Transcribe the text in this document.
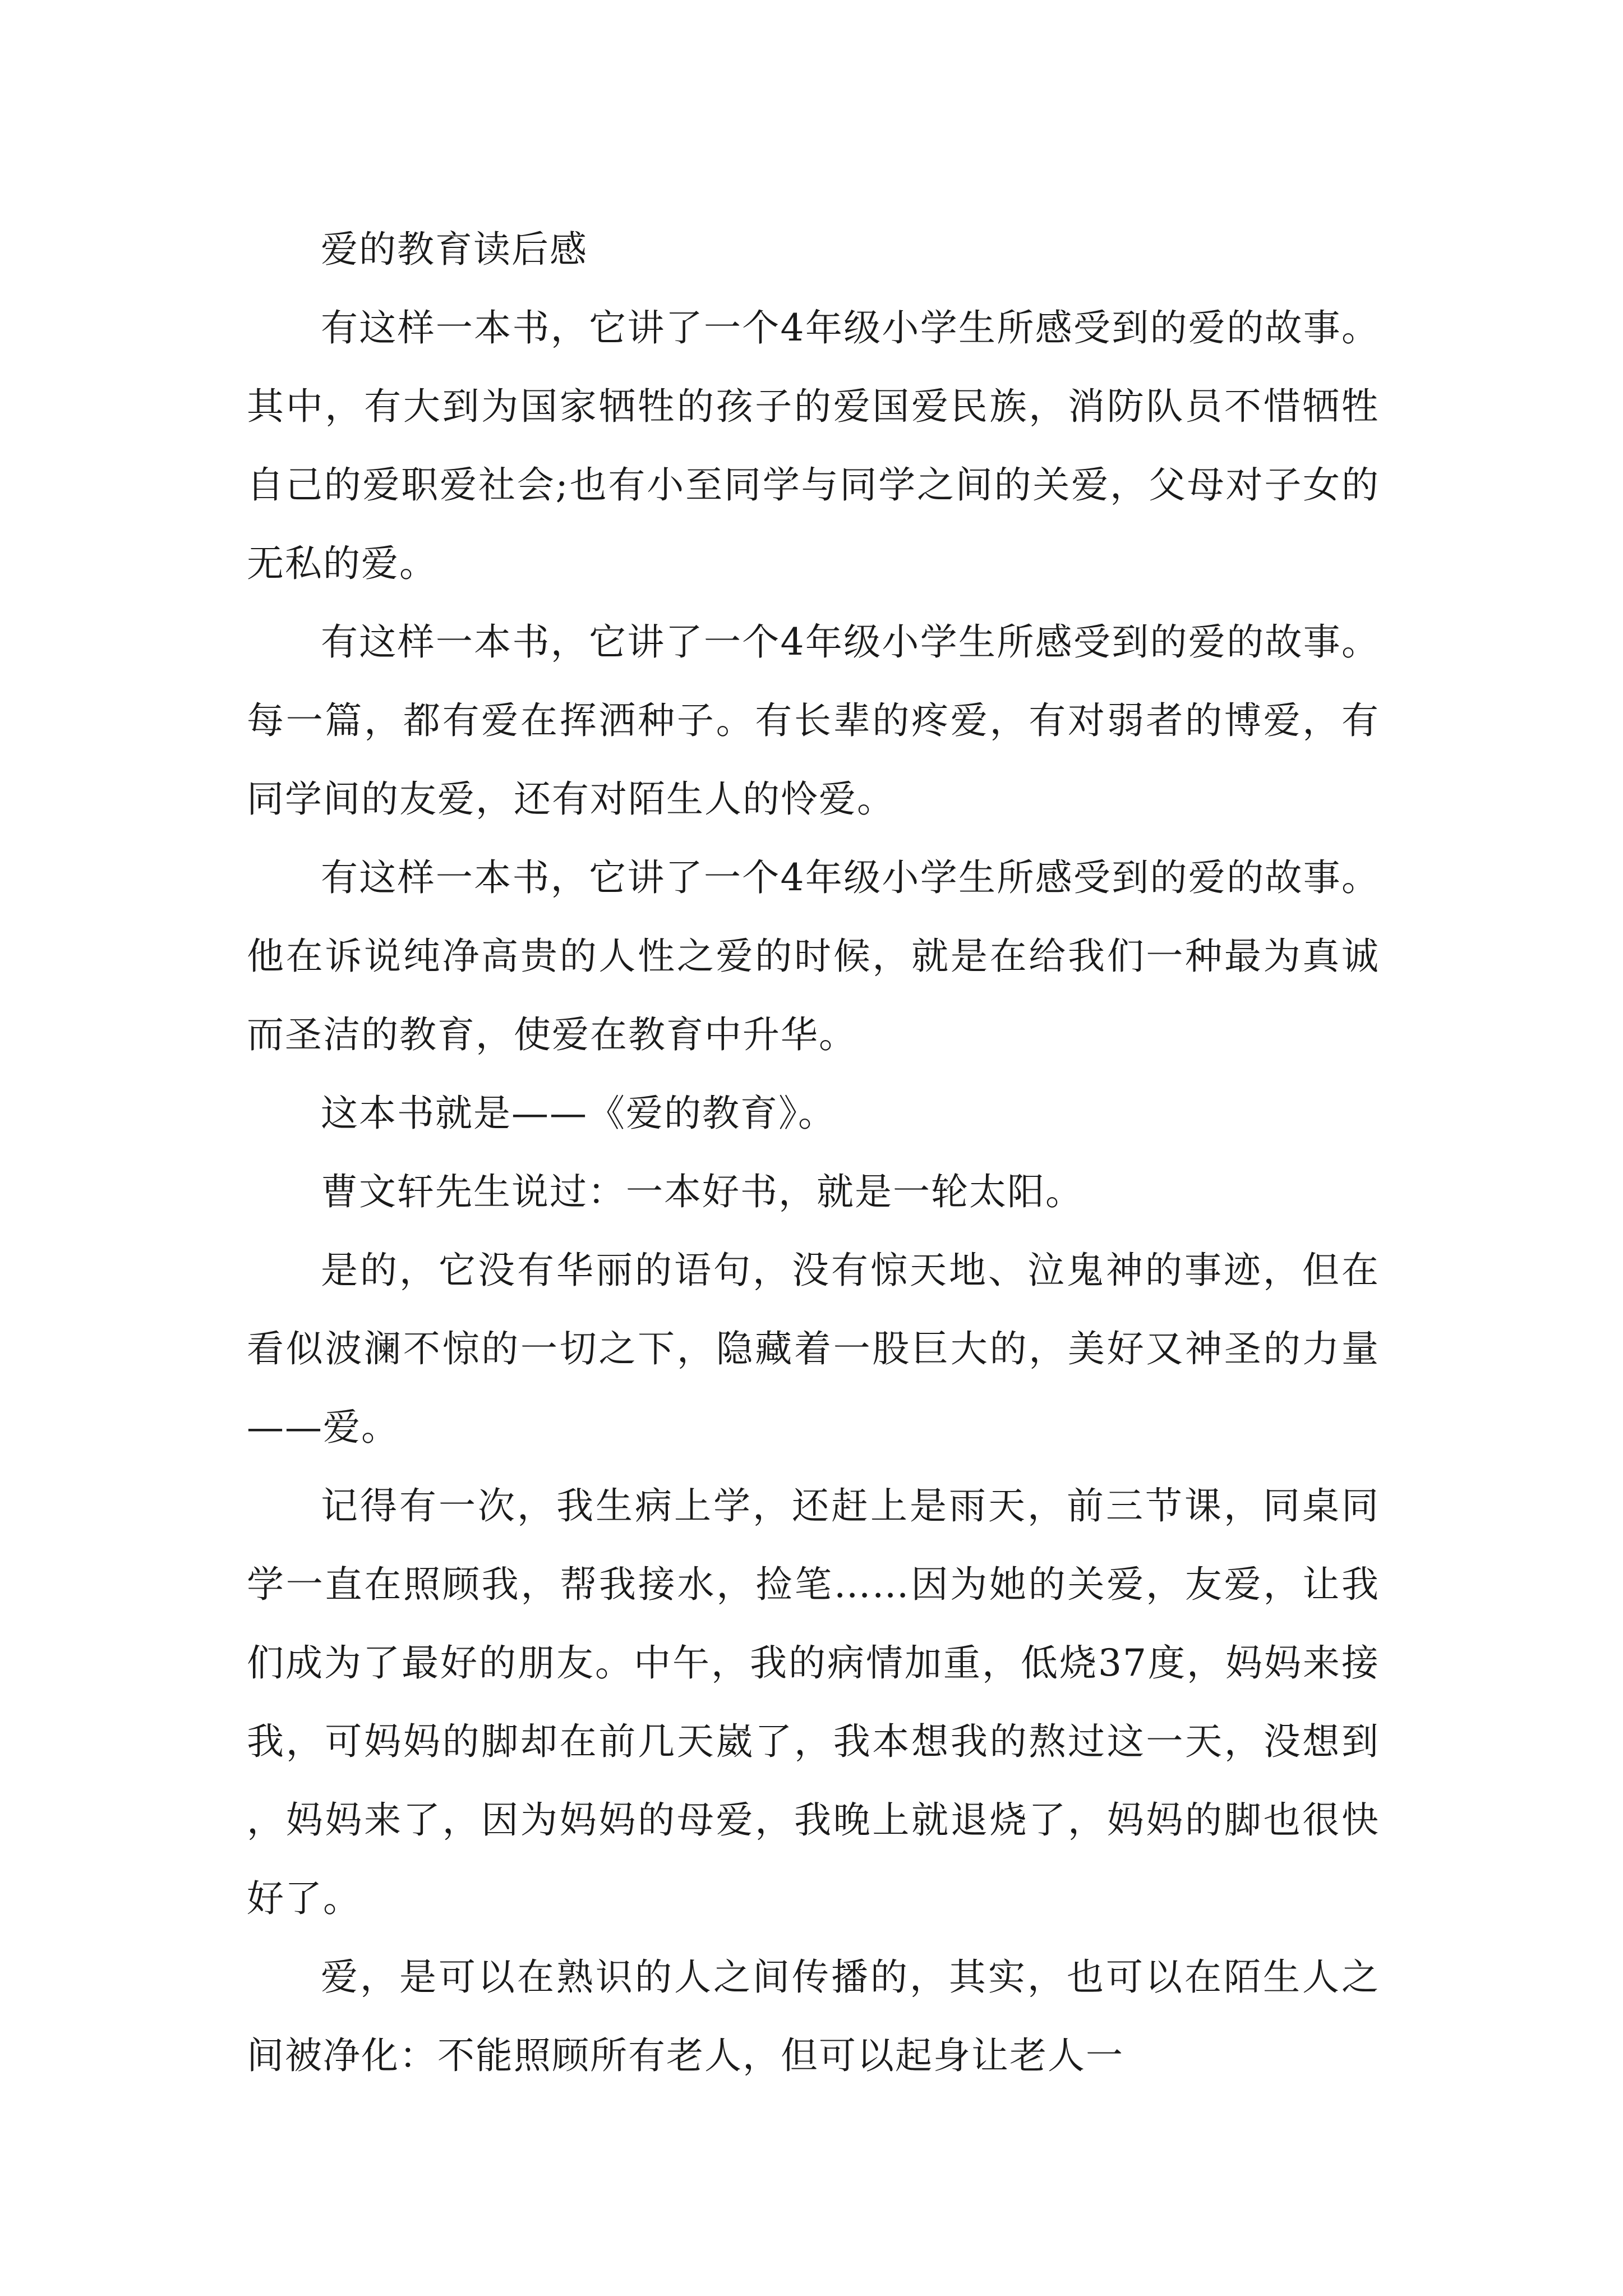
爱的教育读后感

有这样一本书，它讲了一个4年级小学生所感受到的爱的故事。其中，有大到为国家牺牲的孩子的爱国爱民族，消防队员不惜牺牲自己的爱职爱社会;也有小至同学与同学之间的关爱，父母对子女的无私的爱。

有这样一本书，它讲了一个4年级小学生所感受到的爱的故事。每一篇，都有爱在挥洒种子。有长辈的疼爱，有对弱者的博爱，有同学间的友爱，还有对陌生人的怜爱。

有这样一本书，它讲了一个4年级小学生所感受到的爱的故事。他在诉说纯净高贵的人性之爱的时候，就是在给我们一种最为真诚而圣洁的教育，使爱在教育中升华。

这本书就是——《爱的教育》。

曹文轩先生说过：一本好书，就是一轮太阳。

是的，它没有华丽的语句，没有惊天地、泣鬼神的事迹，但在看似波澜不惊的一切之下，隐藏着一股巨大的，美好又神圣的力量——爱。

记得有一次，我生病上学，还赶上是雨天，前三节课，同桌同学一直在照顾我，帮我接水，捡笔……因为她的关爱，友爱，让我们成为了最好的朋友。中午，我的病情加重，低烧37度，妈妈来接我，可妈妈的脚却在前几天崴了，我本想我的熬过这一天，没想到，妈妈来了，因为妈妈的母爱，我晚上就退烧了，妈妈的脚也很快好了。

爱，是可以在熟识的人之间传播的，其实，也可以在陌生人之间被净化：不能照顾所有老人，但可以起身让老人一
